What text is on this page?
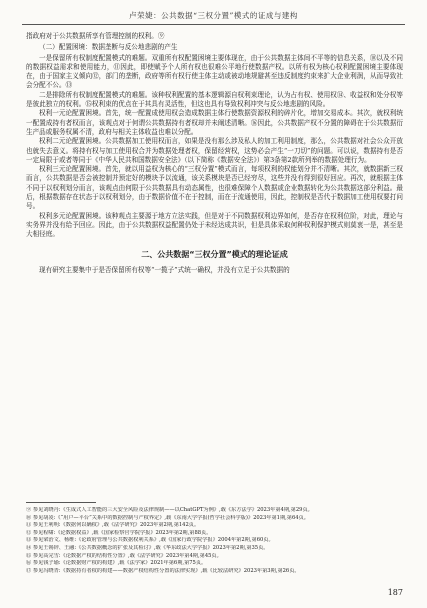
卢荣婕：公共数据“三权分置”模式的证成与建构

指政府对于公共数据所享有管理控制的权利。⑨

（二）配置困境：数据垄断与反公地悲剧的产生

一是保留所有权制度配置模式的难题。双重所有权配置困境主要体现在，由于公共数据主体间不平等的信息关系，⑩以及不同的数据权益需求和使用能力，⑪因此，即使赋予个人所有权也很难公平地行使数据产权。以所有权为核心权利配置困境主要体现在，由于国家主义倾向⑫，部门的垄断，政府等所有权行使主体主动或被动地规避甚至违反制度约束来扩大企业利润，从而导致社会分配不公。⑬

二是排除所有权制度配置模式的难题。该种权利配置的基本逻辑源自权利束理论，认为占有权、使用权⑭、收益权和处分权等是彼此独立的权利。⑮权利束的优点在于其具有灵活性，但这也具有导致权利冲突与反公地悲剧的风险。

权利一元论配置困境。首先，统一配置成使用权会造成数据主体行使数据资源权利的碎片化，增加交易成本。其次，就权利统一配置成持有者权而言，该观点对于何谓公共数据持有者权却并未阐述清晰。⑯因此，公共数据产权不分置的障碍在于公共数据衍生产品或服务权属不清，政府与相关主体收益也难以分配。

权利二元论配置困境。公共数据加工使用权而言，如果是没有那么涉及私人的加工利用制度，那么，公共数据对社会公众开放也就失去意义。将持有权与加工使用权合并为数据处理者权，保留经营权，这势必会产生“一刀切”的问题。可以说，数据持有是否一定局限于或者等同于《中华人民共和国数据安全法》（以下简称《数据安全法》）第3条第2款所列举的数据处理行为。

权利三元论配置困境。首先，就以用益权为核心的“三权分置”模式而言，每项权利的权能划分并不清晰。其次，就数据新三权而言，公共数据是否会被控制并预定好的模块予以流通，该关系模块是否已经穷尽，这些并没有得到很好回应。再次，就根据主体不同于以权利划分而言，该观点由何限于公共数据具有动态属性，也很难保障个人数据或企业数据转化为公共数据这部分利益。最后，根据数据存在状态于以权利划分，由于数据价值不在于控制，而在于流通使用，因此，控制权是否代于数据加工使用权要打问号。

权利多元论配置困境。该种观点主要源于地方立法实践，但是对于不同数据权利边界如何，是否存在权利位阶，对此，理论与实务界并没有给予回应。因此，由于公共数据权益配置仍处于未经达成共识，但是具体采取何种权利保护模式则莫衷一是，甚至是大相径庭。

二、公共数据“三权分置”模式的理论证成

现有研究主要集中于是否保留所有权等“一揽子”式统一确权，并没有立足于公共数据的

⑨ 参见刘晓丹:《生成式人工智能的三大安全风险及法律规制——以ChatGPT为例》,载《东方法学》2023年第4期,第29页。
⑩ 参见胡凌:《“用户—平台”关系中的数据控制与产权界定》,载《东南大学学报(哲学社会科学版)》2023年第1期,第64页。
⑪ 参见王利明:《数据何以确权》,载《法学研究》2023年第2期,第142页。
⑫ 参见程啸:《论数据权益》,载《国家检察官学院学报》2023年第2期,第88页。
⑬ 参见梁治文、杨维:《论政府管理与公共数据权利关系》,载《国家行政学院学报》2004年第2期,第60页。
⑭ 参见王锡锌、王融:《公共数据概念的扩张及其检讨》,载《华东政法大学学报》2023年第2期,第35页。
⑮ 参见高完雪:《论数据产权的结构性分置》,载《法学研究》2023年第4期,第45页。
⑯ 参见钱子瑜:《论数据财产权的构建》,载《法学家》2021年第6期,第75页。
⑰ 参见冯晓青:《数据持有者权的构建——数据产权结构性分置的法律实现》,载《比较法研究》2023年第3期,第26页。
187
